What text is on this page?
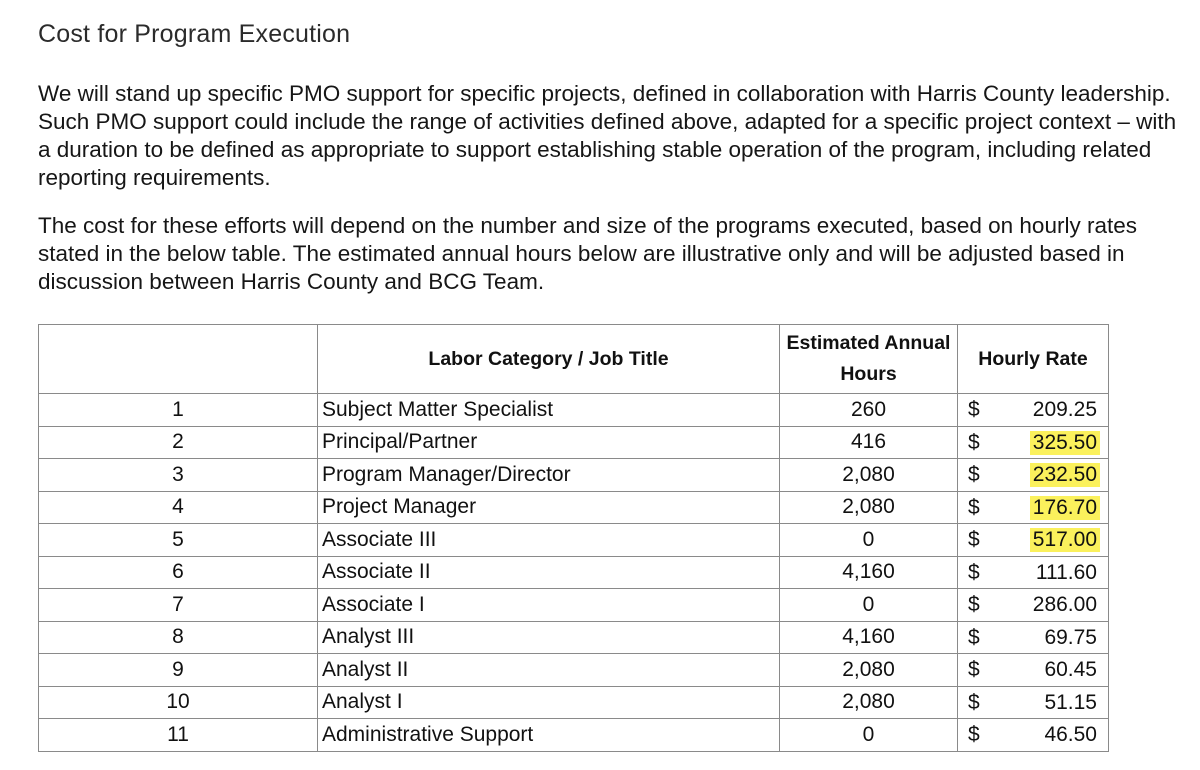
Cost for Program Execution
We will stand up specific PMO support for specific projects, defined in collaboration with Harris County leadership. Such PMO support could include the range of activities defined above, adapted for a specific project context – with a duration to be defined as appropriate to support establishing stable operation of the program, including related reporting requirements.
The cost for these efforts will depend on the number and size of the programs executed, based on hourly rates stated in the below table. The estimated annual hours below are illustrative only and will be adjusted based in discussion between Harris County and BCG Team.
	Labor Category / Job Title	Estimated Annual Hours	Hourly Rate
1	Subject Matter Specialist	260	$ 209.25

2	Principal/Partner	416	$ 325.50

3	Program Manager/Director	2,080	$ 232.50

4	Project Manager	2,080	$ 176.70

5	Associate III	0	$ 517.00

6	Associate II	4,160	$ 111.60

7	Associate I	0	$ 286.00

8	Analyst III	4,160	$ 69.75

9	Analyst II	2,080	$ 60.45

10	Analyst I	2,080	$ 51.15

11	Administrative Support	0	$ 46.50
